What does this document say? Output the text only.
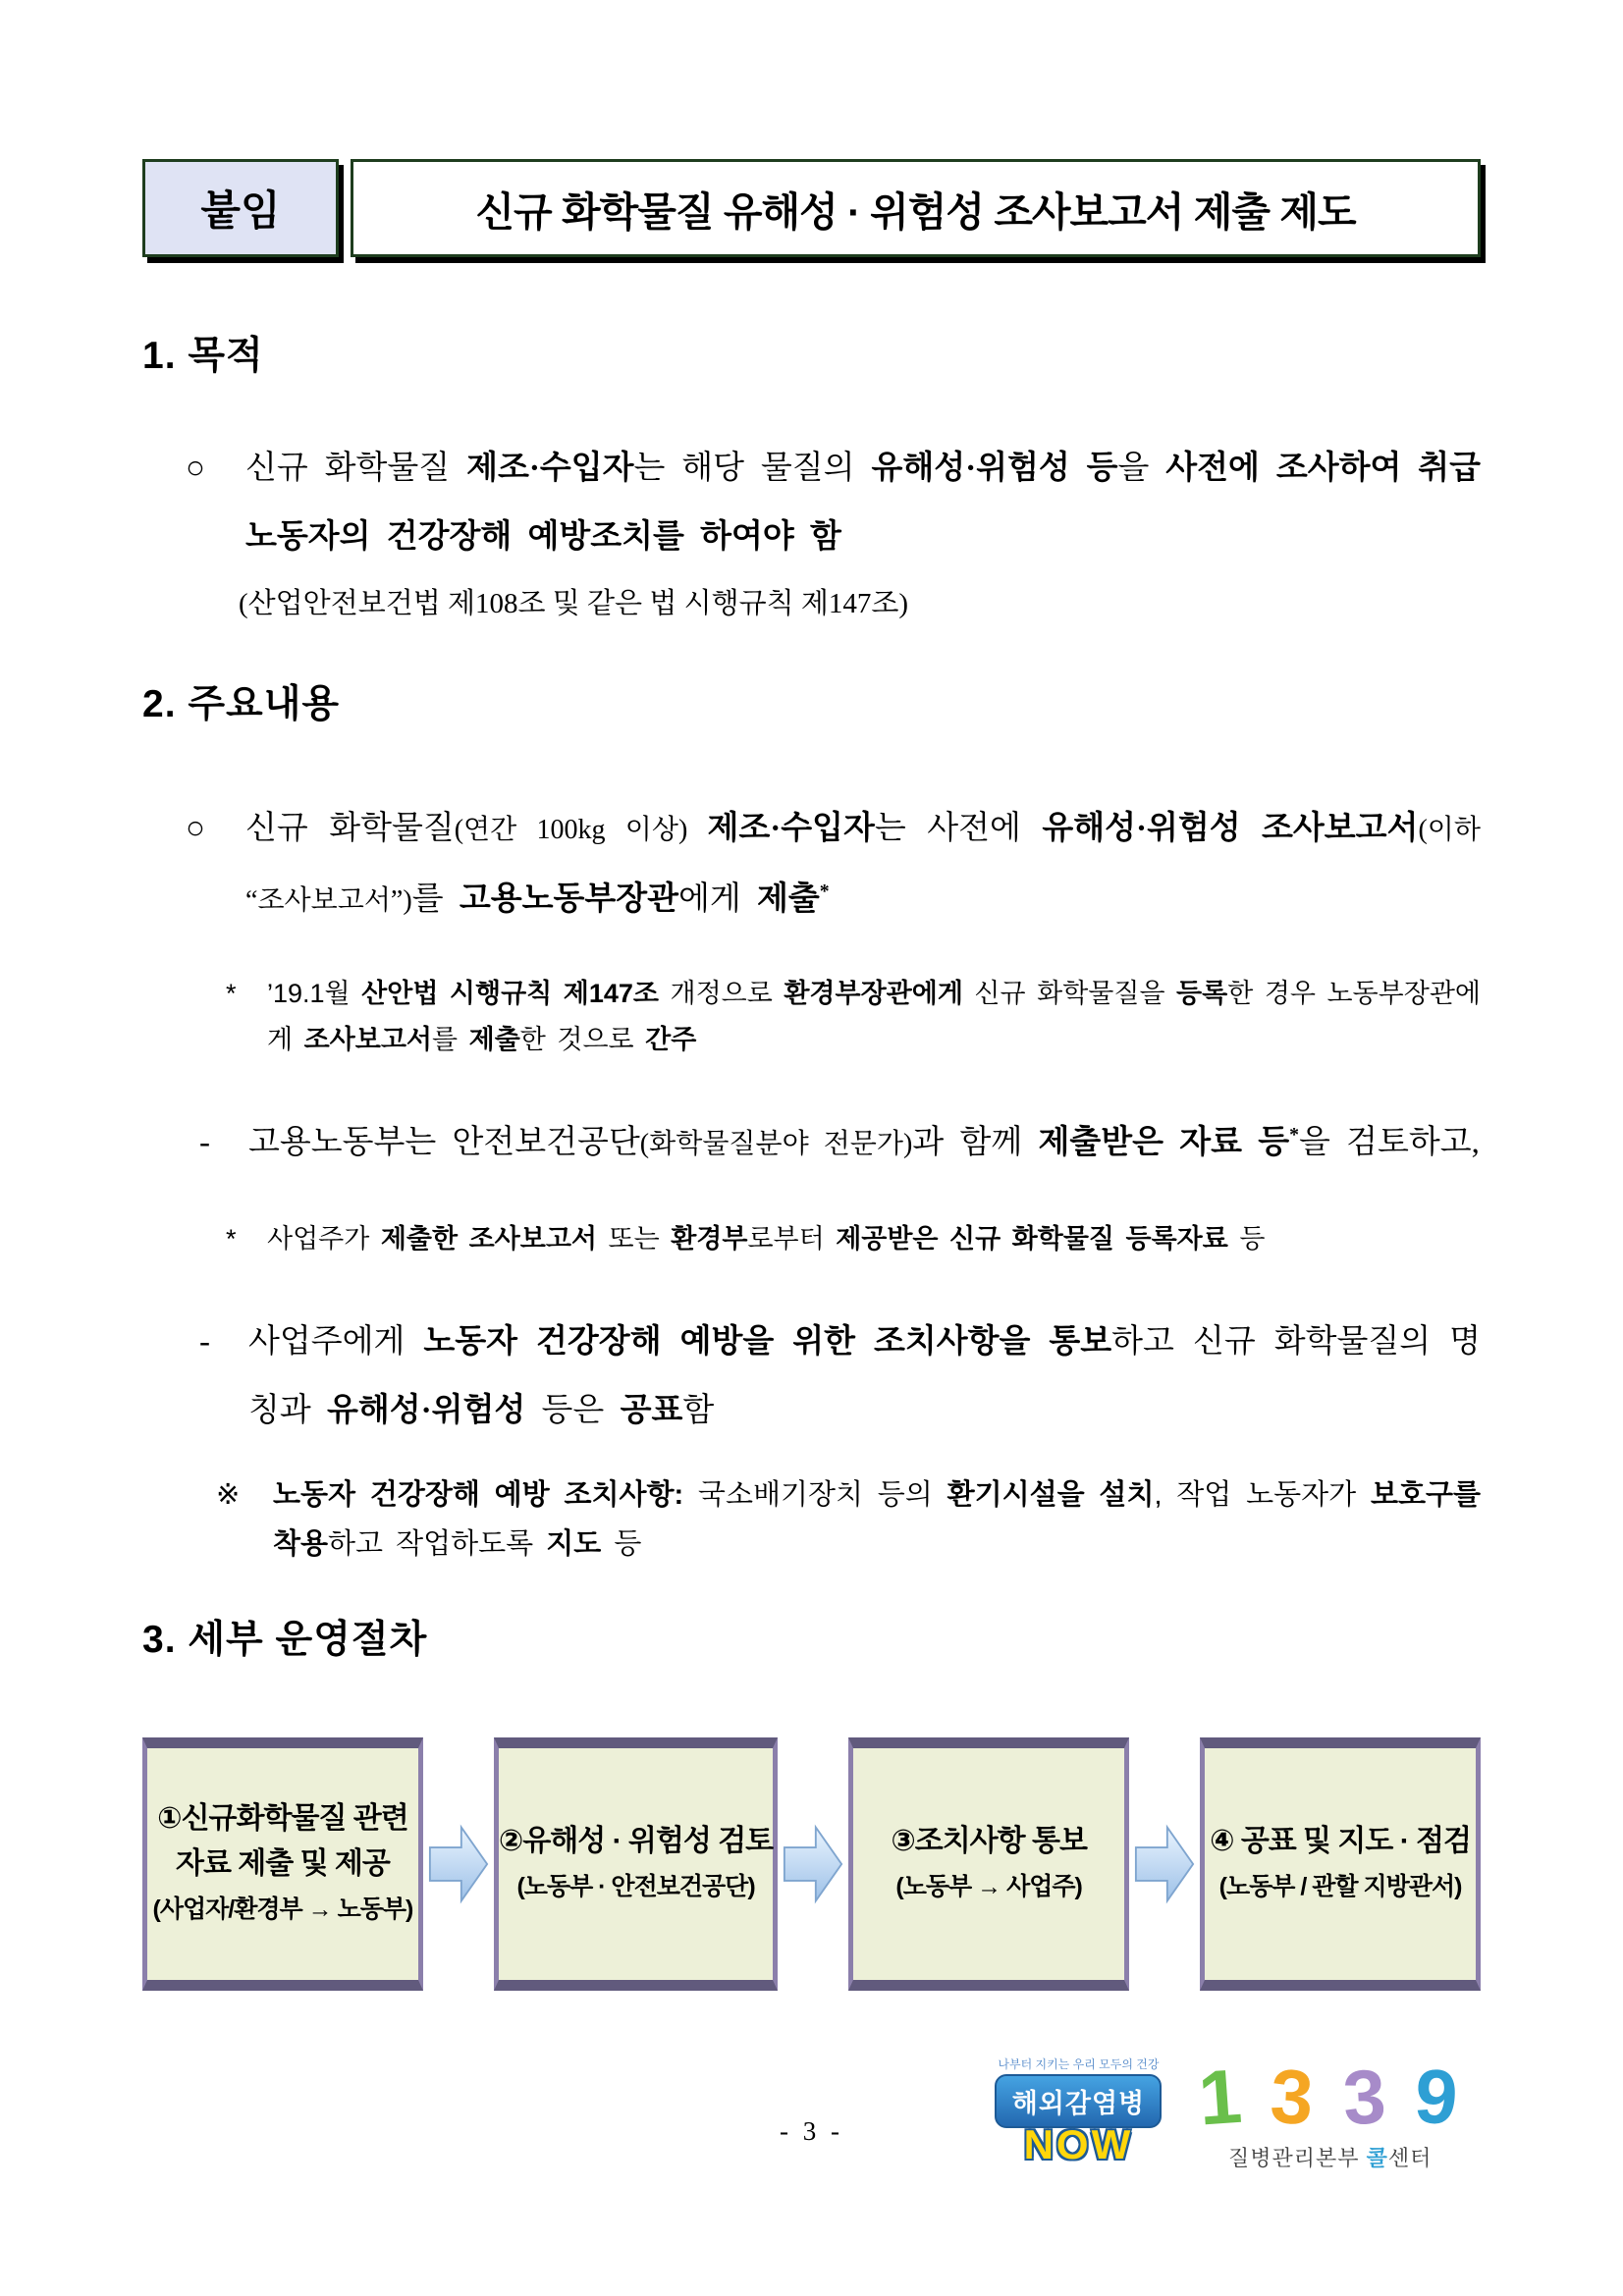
붙임	신규 화학물질 유해성 · 위험성 조사보고서 제출 제도
1. 목적
○	신규 화학물질 제조·수입자는 해당 물질의 유해성·위험성 등을 사전에 조사하여 취급 노동자의 건강장해 예방조치를 하여야 함
(산업안전보건법 제108조 및 같은 법 시행규칙 제147조)
2. 주요내용
○	신규 화학물질(연간 100kg 이상) 제조·수입자는 사전에 유해성·위험성 조사보고서(이하 “조사보고서”)를 고용노동부장관에게 제출*
*	’19.1월 산안법 시행규칙 제147조 개정으로 환경부장관에게 신규 화학물질을 등록한 경우 노동부장관에게 조사보고서를 제출한 것으로 간주
-	고용노동부는 안전보건공단(화학물질분야 전문가)과 함께 제출받은 자료 등*을 검토하고,
*	사업주가 제출한 조사보고서 또는 환경부로부터 제공받은 신규 화학물질 등록자료 등
-	사업주에게 노동자 건강장해 예방을 위한 조치사항을 통보하고 신규 화학물질의 명칭과 유해성·위험성 등은 공표함
※	노동자 건강장해 예방 조치사항: 국소배기장치 등의 환기시설을 설치, 작업 노동자가 보호구를 착용하고 작업하도록 지도 등
3. 세부 운영절차
①신규화학물질 관련
자료 제출 및 제공
(사업자/환경부 → 노동부)
②유해성 · 위험성 검토
(노동부 · 안전보건공단)
③조치사항 통보
(노동부 → 사업주)
④ 공표 및 지도 · 점검
(노동부 / 관할 지방관서)
- 3 -
나부터 지키는 우리 모두의 건강
해외감염병
NOW
1 3 3 9
질병관리본부 콜센터
